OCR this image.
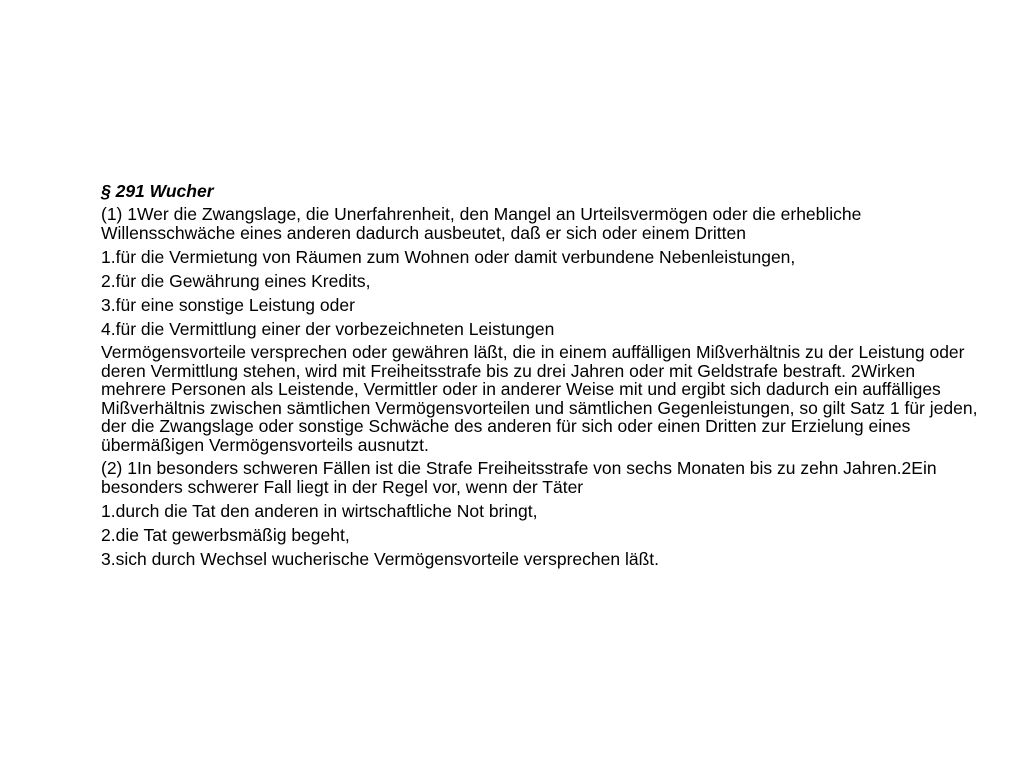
§ 291 Wucher
(1) 1Wer die Zwangslage, die Unerfahrenheit, den Mangel an Urteilsvermögen oder die erhebliche Willensschwäche eines anderen dadurch ausbeutet, daß er sich oder einem Dritten
1.für die Vermietung von Räumen zum Wohnen oder damit verbundene Nebenleistungen,
2.für die Gewährung eines Kredits,
3.für eine sonstige Leistung oder
4.für die Vermittlung einer der vorbezeichneten Leistungen
Vermögensvorteile versprechen oder gewähren läßt, die in einem auffälligen Mißverhältnis zu der Leistung oder deren Vermittlung stehen, wird mit Freiheitsstrafe bis zu drei Jahren oder mit Geldstrafe bestraft. 2Wirken mehrere Personen als Leistende, Vermittler oder in anderer Weise mit und ergibt sich dadurch ein auffälliges Mißverhältnis zwischen sämtlichen Vermögensvorteilen und sämtlichen Gegenleistungen, so gilt Satz 1 für jeden, der die Zwangslage oder sonstige Schwäche des anderen für sich oder einen Dritten zur Erzielung eines übermäßigen Vermögensvorteils ausnutzt.
(2) 1In besonders schweren Fällen ist die Strafe Freiheitsstrafe von sechs Monaten bis zu zehn Jahren.2Ein besonders schwerer Fall liegt in der Regel vor, wenn der Täter
1.durch die Tat den anderen in wirtschaftliche Not bringt,
2.die Tat gewerbsmäßig begeht,
3.sich durch Wechsel wucherische Vermögensvorteile versprechen läßt.
